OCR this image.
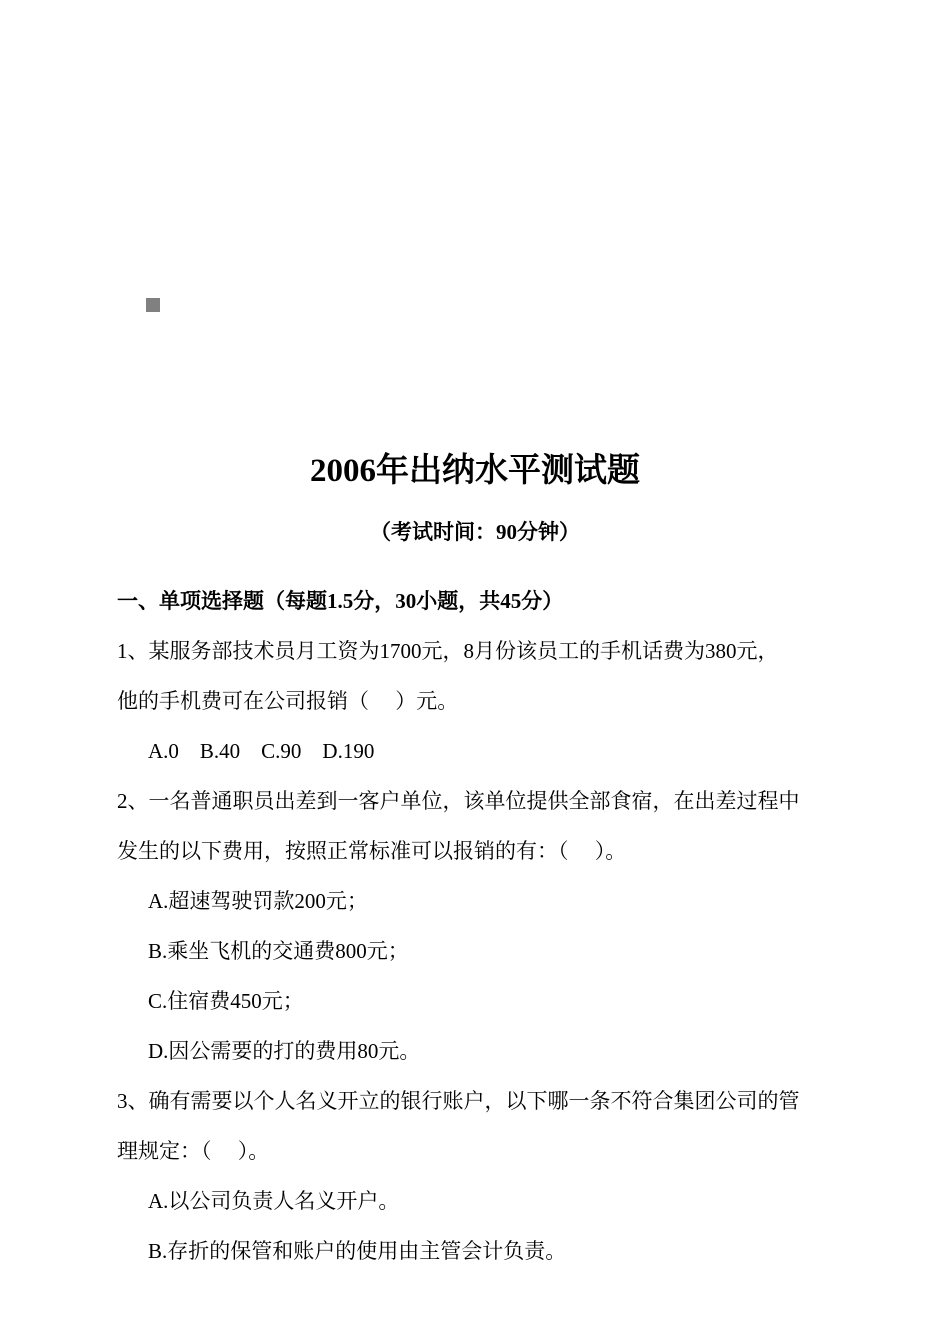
2006年出纳水平测试题
（考试时间：90分钟）
一、单项选择题（每题1.5分，30小题，共45分）
1、某服务部技术员月工资为1700元，8月份该员工的手机话费为380元，
他的手机费可在公司报销（　 ）元。
A.0　B.40　C.90　D.190
2、一名普通职员出差到一客户单位，该单位提供全部食宿，在出差过程中
发生的以下费用，按照正常标准可以报销的有：（　 ）。
A.超速驾驶罚款200元；
B.乘坐飞机的交通费800元；
C.住宿费450元；
D.因公需要的打的费用80元。
3、确有需要以个人名义开立的银行账户，以下哪一条不符合集团公司的管
理规定：（　 ）。
A.以公司负责人名义开户。
B.存折的保管和账户的使用由主管会计负责。
